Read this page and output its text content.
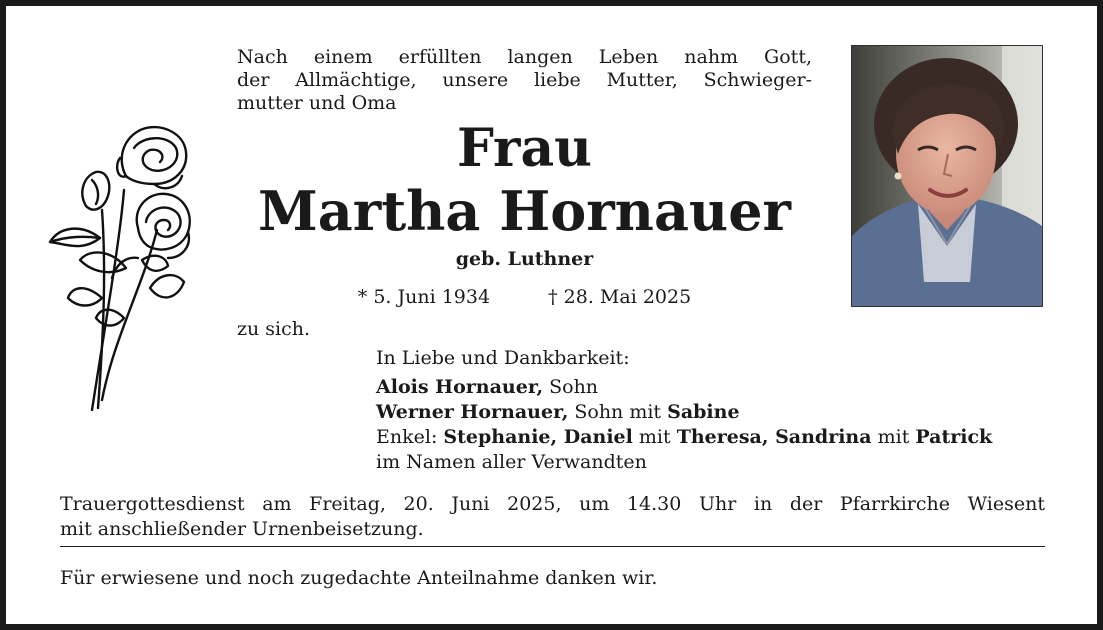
Nach einem erfüllten langen Leben nahm Gott,
der Allmächtige, unsere liebe Mutter, Schwieger-
mutter und Oma
Frau
Martha Hornauer
geb. Luthner
* 5. Juni 1934	† 28. Mai 2025
zu sich.
In Liebe und Dankbarkeit:
Alois Hornauer, Sohn
Werner Hornauer, Sohn mit Sabine
Enkel: Stephanie, Daniel mit Theresa, Sandrina mit Patrick
im Namen aller Verwandten
Trauergottesdienst am Freitag, 20. Juni 2025, um 14.30 Uhr in der Pfarrkirche Wiesent
mit anschließender Urnenbeisetzung.
Für erwiesene und noch zugedachte Anteilnahme danken wir.
